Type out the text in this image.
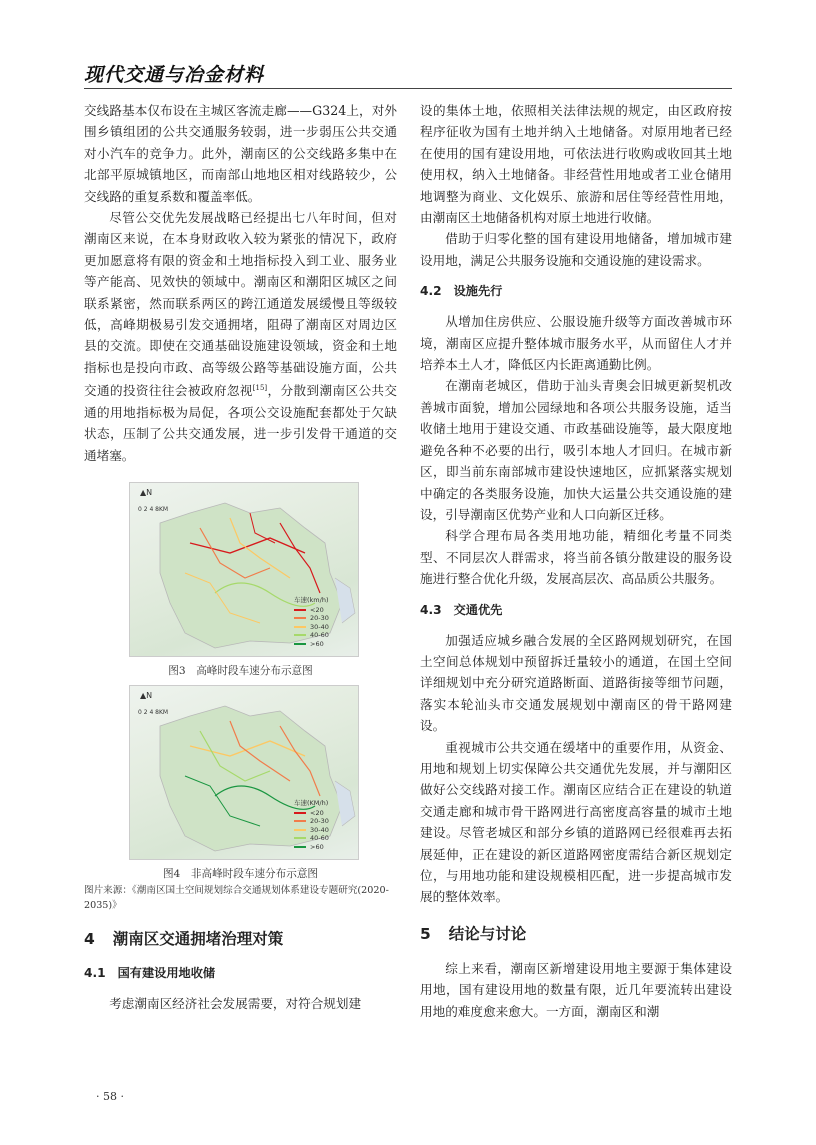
现代交通与冶金材料

交线路基本仅布设在主城区客流走廊——G324上，对外围乡镇组团的公共交通服务较弱，进一步弱压公共交通对小汽车的竞争力。此外，潮南区的公交线路多集中在北部平原城镇地区，而南部山地地区相对线路较少，公交线路的重复系数和覆盖率低。

尽管公交优先发展战略已经提出七八年时间，但对潮南区来说，在本身财政收入较为紧张的情况下，政府更加愿意将有限的资金和土地指标投入到工业、服务业等产能高、见效快的领域中。潮南区和潮阳区城区之间联系紧密，然而联系两区的跨江通道发展缓慢且等级较低，高峰期极易引发交通拥堵，阻碍了潮南区对周边区县的交流。即使在交通基础设施建设领域，资金和土地指标也是投向市政、高等级公路等基础设施方面，公共交通的投资往往会被政府忽视[15]，分散到潮南区公共交通的用地指标极为局促，各项公交设施配套都处于欠缺状态，压制了公共交通发展，进一步引发骨干通道的交通堵塞。

▲N
0 2 4 8KM
车速(km/h)
<20
20-30
30-40
40-60
>60
图3　高峰时段车速分布示意图
▲N
0 2 4 8KM
车速(KM/h)
<20
20-30
30-40
40-60
>60
图4　非高峰时段车速分布示意图
图片来源：《潮南区国土空间规划综合交通规划体系建设专题研究(2020-2035)》
4 潮南区交通拥堵治理对策
4.1 国有建设用地收储

考虑潮南区经济社会发展需要，对符合规划建

设的集体土地，依照相关法律法规的规定，由区政府按程序征收为国有土地并纳入土地储备。对原用地者已经在使用的国有建设用地，可依法进行收购或收回其土地使用权，纳入土地储备。非经营性用地或者工业仓储用地调整为商业、文化娱乐、旅游和居住等经营性用地，由潮南区土地储备机构对原土地进行收储。

借助于归零化整的国有建设用地储备，增加城市建设用地，满足公共服务设施和交通设施的建设需求。

4.2 设施先行

从增加住房供应、公服设施升级等方面改善城市环境，潮南区应提升整体城市服务水平，从而留住人才并培养本土人才，降低区内长距离通勤比例。

在潮南老城区，借助于汕头青奥会旧城更新契机改善城市面貌，增加公园绿地和各项公共服务设施，适当收储土地用于建设交通、市政基础设施等，最大限度地避免各种不必要的出行，吸引本地人才回归。在城市新区，即当前东南部城市建设快速地区，应抓紧落实规划中确定的各类服务设施，加快大运量公共交通设施的建设，引导潮南区优势产业和人口向新区迁移。

科学合理布局各类用地功能，精细化考量不同类型、不同层次人群需求，将当前各镇分散建设的服务设施进行整合优化升级，发展高层次、高品质公共服务。

4.3 交通优先

加强适应城乡融合发展的全区路网规划研究，在国土空间总体规划中预留拆迁量较小的通道，在国土空间详细规划中充分研究道路断面、道路街接等细节问题，落实本轮汕头市交通发展规划中潮南区的骨干路网建设。

重视城市公共交通在缓堵中的重要作用，从资金、用地和规划上切实保障公共交通优先发展，并与潮阳区做好公交线路对接工作。潮南区应结合正在建设的轨道交通走廊和城市骨干路网进行高密度高容量的城市土地建设。尽管老城区和部分乡镇的道路网已经很难再去拓展延伸，正在建设的新区道路网密度需结合新区规划定位，与用地功能和建设规模相匹配，进一步提高城市发展的整体效率。

5 结论与讨论

综上来看，潮南区新增建设用地主要源于集体建设用地，国有建设用地的数量有限，近几年要流转出建设用地的难度愈来愈大。一方面，潮南区和潮

· 58 ·
